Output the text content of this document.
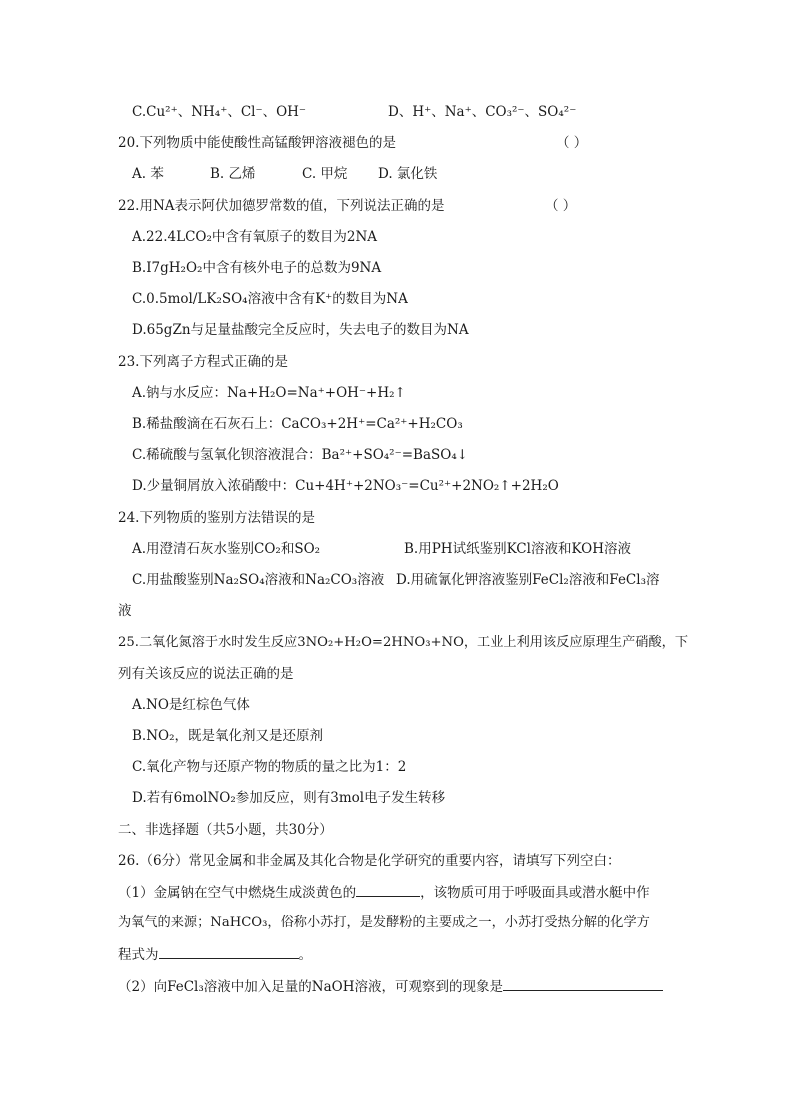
C.Cu²⁺、NH₄⁺、Cl⁻、OH⁻	D、H⁺、Na⁺、CO₃²⁻、SO₄²⁻
20.下列物质中能使酸性高锰酸钾溶液褪色的是	（ ）
A. 苯	B. 乙烯	C. 甲烷 D. 氯化铁
22.用NA表示阿伏加德罗常数的值，下列说法正确的是	（ ）
A.22.4LCO₂中含有氧原子的数目为2NA
B.I7gH₂O₂中含有核外电子的总数为9NA
C.0.5mol/LK₂SO₄溶液中含有K⁺的数目为NA
D.65gZn与足量盐酸完全反应时，失去电子的数目为NA
23.下列离子方程式正确的是
A.钠与水反应：Na+H₂O=Na⁺+OH⁻+H₂↑
B.稀盐酸滴在石灰石上：CaCO₃+2H⁺=Ca²⁺+H₂CO₃
C.稀硫酸与氢氧化钡溶液混合：Ba²⁺+SO₄²⁻=BaSO₄↓
D.少量铜屑放入浓硝酸中：Cu+4H⁺+2NO₃⁻=Cu²⁺+2NO₂↑+2H₂O
24.下列物质的鉴别方法错误的是
A.用澄清石灰水鉴别CO₂和SO₂	B.用PH试纸鉴别KCl溶液和KOH溶液
C.用盐酸鉴别Na₂SO₄溶液和Na₂CO₃溶液 D.用硫氰化钾溶液鉴别FeCl₂溶液和FeCl₃溶
液
25.二氧化氮溶于水时发生反应3NO₂+H₂O=2HNO₃+NO，工业上利用该反应原理生产硝酸，下
列有关该反应的说法正确的是
A.NO是红棕色气体
B.NO₂，既是氧化剂又是还原剂
C.氧化产物与还原产物的物质的量之比为1：2
D.若有6molNO₂参加反应，则有3mol电子发生转移
二、非选择题（共5小题，共30分）
26.（6分）常见金属和非金属及其化合物是化学研究的重要内容，请填写下列空白：
（1）金属钠在空气中燃烧生成淡黄色的	，该物质可用于呼吸面具或潜水艇中作
为氧气的来源；NaHCO₃，俗称小苏打，是发酵粉的主要成之一，小苏打受热分解的化学方
程式为	。
（2）向FeCl₃溶液中加入足量的NaOH溶液，可观察到的现象是
